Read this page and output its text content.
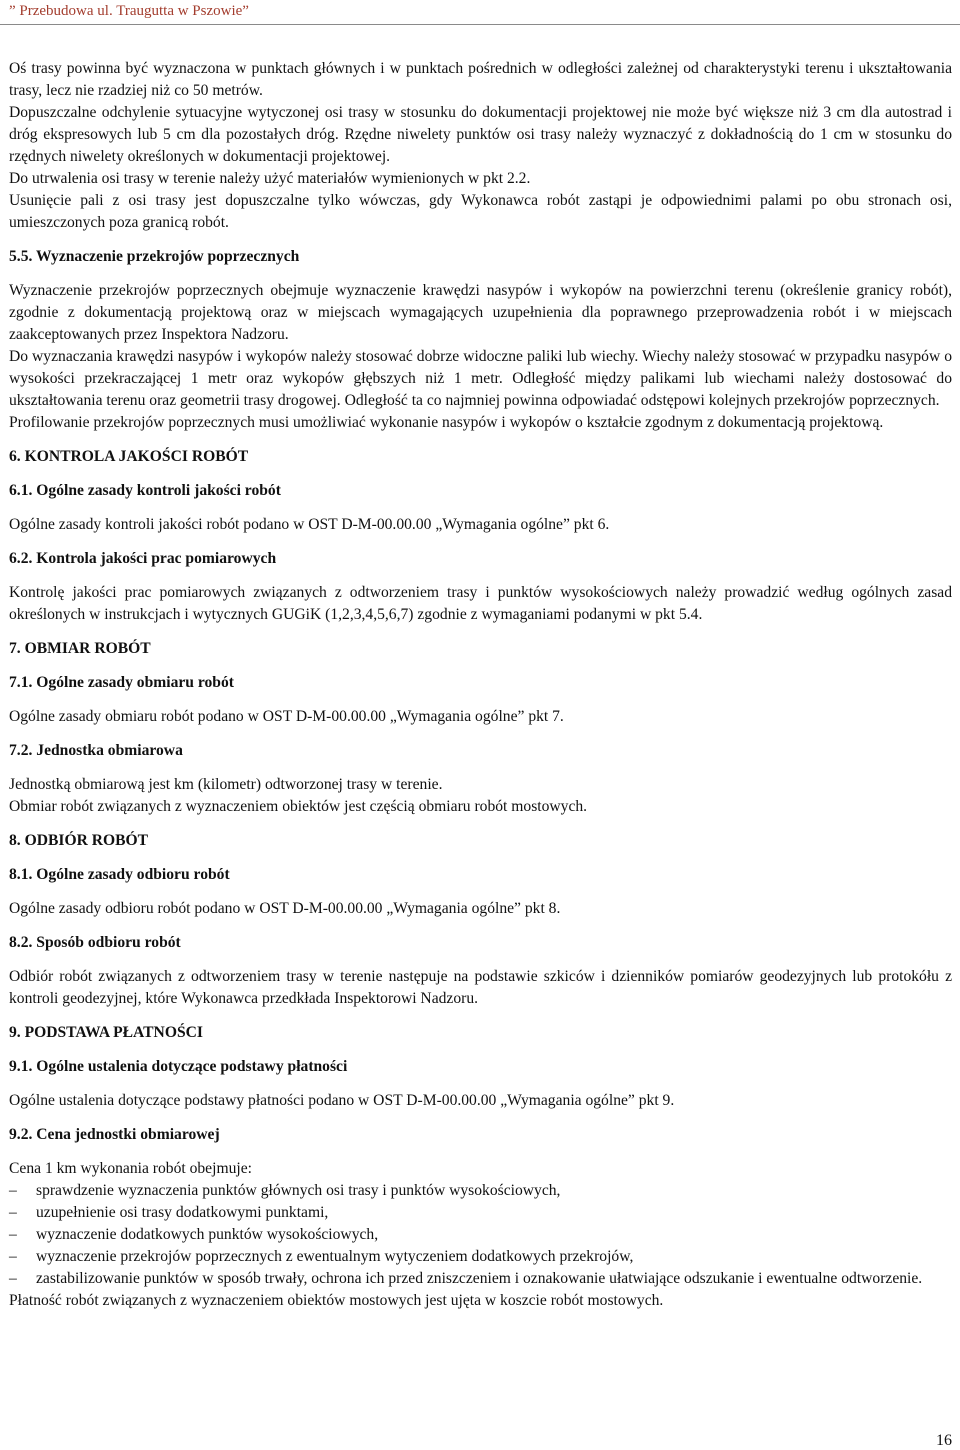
” Przebudowa ul. Traugutta w Pszowie”

Oś trasy powinna być wyznaczona w punktach głównych i w punktach pośrednich w odległości zależnej od charakterystyki terenu i ukształtowania trasy, lecz nie rzadziej niż co 50 metrów.

Dopuszczalne odchylenie sytuacyjne wytyczonej osi trasy w stosunku do dokumentacji projektowej nie może być większe niż 3 cm dla autostrad i dróg ekspresowych lub 5 cm dla pozostałych dróg. Rzędne niwelety punktów osi trasy należy wyznaczyć z dokładnością do 1 cm w stosunku do rzędnych niwelety określonych w dokumentacji projektowej.

Do utrwalenia osi trasy w terenie należy użyć materiałów wymienionych w pkt 2.2.

Usunięcie pali z osi trasy jest dopuszczalne tylko wówczas, gdy Wykonawca robót zastąpi je odpowiednimi palami po obu stronach osi, umieszczonych poza granicą robót.

5.5. Wyznaczenie przekrojów poprzecznych

Wyznaczenie przekrojów poprzecznych obejmuje wyznaczenie krawędzi nasypów i wykopów na powierzchni terenu (określenie granicy robót), zgodnie z dokumentacją projektową oraz w miejscach wymagających uzupełnienia dla poprawnego przeprowadzenia robót i w miejscach zaakceptowanych przez Inspektora Nadzoru.

Do wyznaczania krawędzi nasypów i wykopów należy stosować dobrze widoczne paliki lub wiechy. Wiechy należy stosować w przypadku nasypów o wysokości przekraczającej 1 metr oraz wykopów głębszych niż 1 metr. Odległość między palikami lub wiechami należy dostosować do ukształtowania terenu oraz geometrii trasy drogowej. Odległość ta co najmniej powinna odpowiadać odstępowi kolejnych przekrojów poprzecznych.

Profilowanie przekrojów poprzecznych musi umożliwiać wykonanie nasypów i wykopów o kształcie zgodnym z dokumentacją projektową.

6. KONTROLA JAKOŚCI ROBÓT
6.1. Ogólne zasady kontroli jakości robót

Ogólne zasady kontroli jakości robót podano w OST D-M-00.00.00 „Wymagania ogólne” pkt 6.

6.2. Kontrola jakości prac pomiarowych

Kontrolę jakości prac pomiarowych związanych z odtworzeniem trasy i punktów wysokościowych należy prowadzić według ogólnych zasad określonych w instrukcjach i wytycznych GUGiK (1,2,3,4,5,6,7) zgodnie z wymaganiami podanymi w pkt 5.4.

7. OBMIAR ROBÓT
7.1. Ogólne zasady obmiaru robót

Ogólne zasady obmiaru robót podano w OST D-M-00.00.00 „Wymagania ogólne” pkt 7.

7.2. Jednostka obmiarowa

Jednostką obmiarową jest km (kilometr) odtworzonej trasy w terenie.

Obmiar robót związanych z wyznaczeniem obiektów jest częścią obmiaru robót mostowych.

8. ODBIÓR ROBÓT
8.1. Ogólne zasady odbioru robót

Ogólne zasady odbioru robót podano w OST D-M-00.00.00 „Wymagania ogólne” pkt 8.

8.2. Sposób odbioru robót

Odbiór robót związanych z odtworzeniem trasy w terenie następuje na podstawie szkiców i dzienników pomiarów geodezyjnych lub protokółu z kontroli geodezyjnej, które Wykonawca przedkłada Inspektorowi Nadzoru.

9. PODSTAWA PŁATNOŚCI
9.1. Ogólne ustalenia dotyczące podstawy płatności

Ogólne ustalenia dotyczące podstawy płatności podano w OST D-M-00.00.00 „Wymagania ogólne” pkt 9.

9.2. Cena jednostki obmiarowej

Cena 1 km wykonania robót obejmuje:

– sprawdzenie wyznaczenia punktów głównych osi trasy i punktów wysokościowych,
– uzupełnienie osi trasy dodatkowymi punktami,
– wyznaczenie dodatkowych punktów wysokościowych,
– wyznaczenie przekrojów poprzecznych z ewentualnym wytyczeniem dodatkowych przekrojów,
– zastabilizowanie punktów w sposób trwały, ochrona ich przed zniszczeniem i oznakowanie ułatwiające odszukanie i ewentualne odtworzenie.

Płatność robót związanych z wyznaczeniem obiektów mostowych jest ujęta w koszcie robót mostowych.

16
